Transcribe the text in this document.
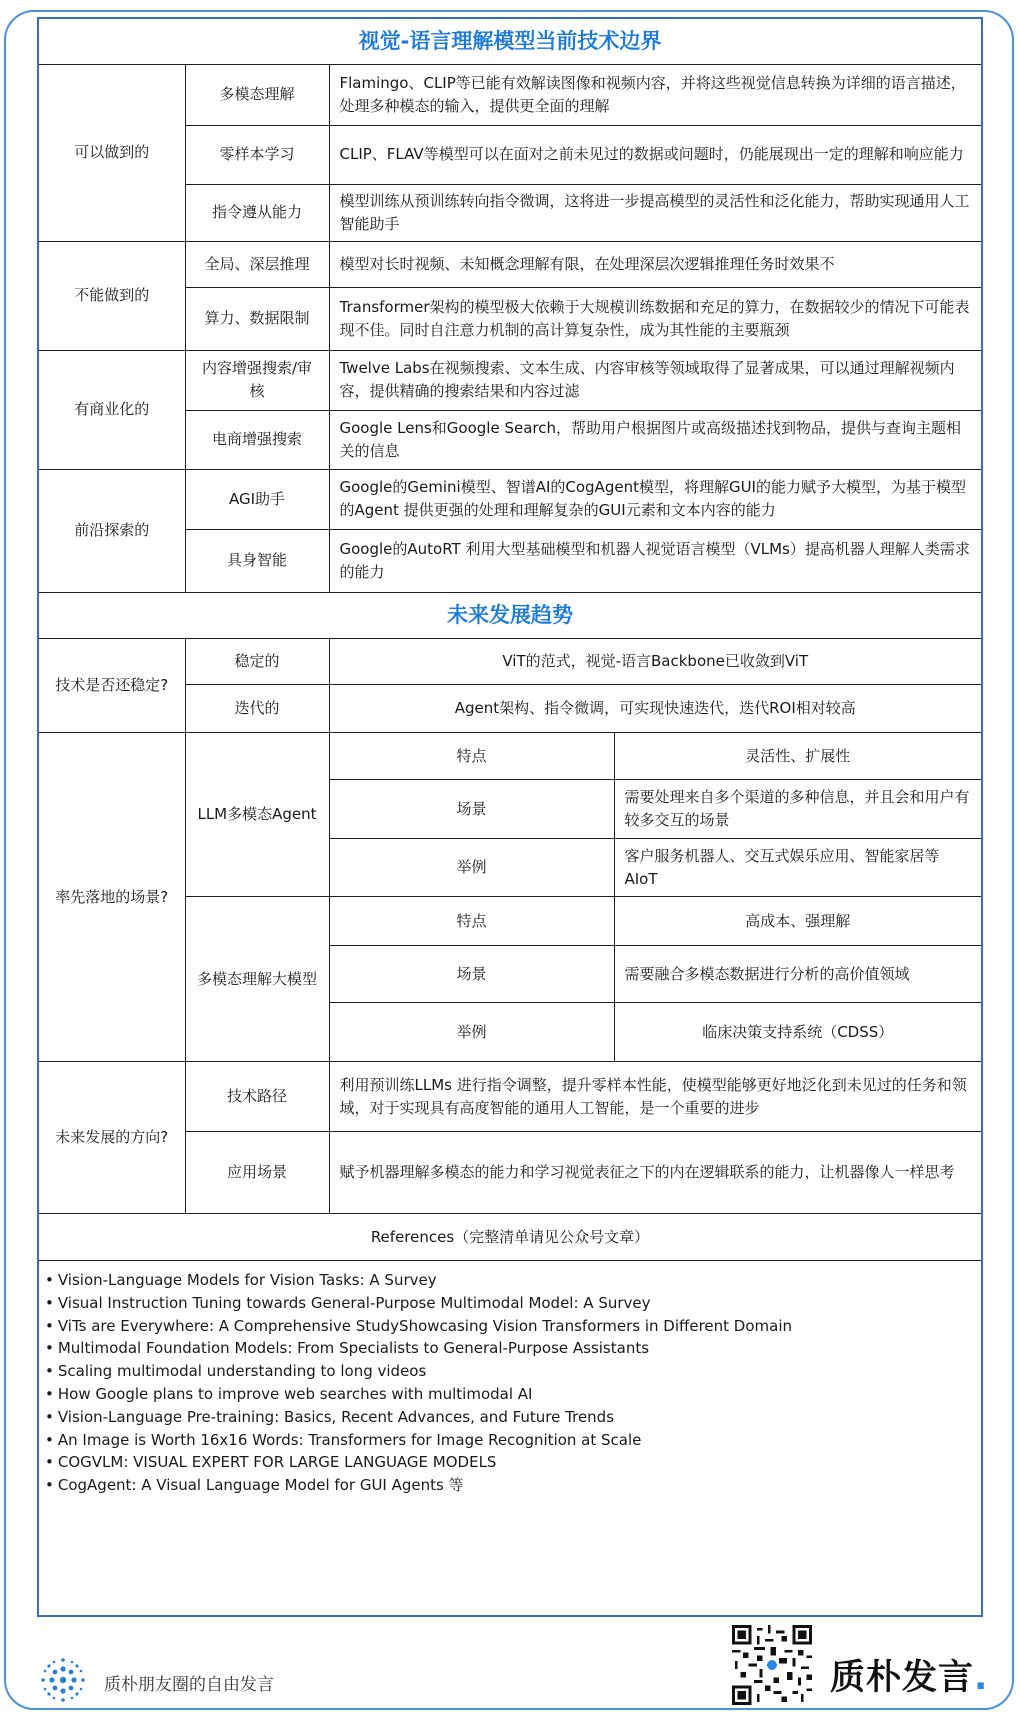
视觉-语言理解模型当前技术边界		
可以做到的	多模态理解	Flamingo、CLIP等已能有效解读图像和视频内容，并将这些视觉信息转换为详细的语言描述，处理多种模态的输入，提供更全面的理解
	零样本学习	CLIP、FLAV等模型可以在面对之前未见过的数据或问题时，仍能展现出一定的理解和响应能力
	指令遵从能力	模型训练从预训练转向指令微调，这将进一步提高模型的灵活性和泛化能力，帮助实现通用人工智能助手
不能做到的	全局、深层推理	模型对长时视频、未知概念理解有限，在处理深层次逻辑推理任务时效果不
	算力、数据限制	Transformer架构的模型极大依赖于大规模训练数据和充足的算力，在数据较少的情况下可能表现不佳。同时自注意力机制的高计算复杂性，成为其性能的主要瓶颈
有商业化的	内容增强搜索/审核	Twelve Labs在视频搜索、文本生成、内容审核等领域取得了显著成果，可以通过理解视频内容，提供精确的搜索结果和内容过滤
	电商增强搜索	Google Lens和Google Search，帮助用户根据图片或高级描述找到物品，提供与查询主题相关的信息
前沿探索的	AGI助手	Google的Gemini模型、智谱AI的CogAgent模型，将理解GUI的能力赋予大模型，为基于模型的Agent 提供更强的处理和理解复杂的GUI元素和文本内容的能力
	具身智能	Google的AutoRT 利用大型基础模型和机器人视觉语言模型（VLMs）提高机器人理解人类需求的能力
未来发展趋势		
技术是否还稳定?	稳定的	ViT的范式，视觉-语言Backbone已收敛到ViT	
	迭代的	Agent架构、指令微调，可实现快速迭代，迭代ROI相对较高	
率先落地的场景?	LLM多模态Agent	特点	灵活性、扩展性
		场景	需要处理来自多个渠道的多种信息，并且会和用户有较多交互的场景
		举例	客户服务机器人、交互式娱乐应用、智能家居等AIoT
	多模态理解大模型	特点	高成本、强理解
		场景	需要融合多模态数据进行分析的高价值领域
		举例	临床决策支持系统（CDSS）
未来发展的方向?	技术路径	利用预训练LLMs 进行指令调整，提升零样本性能，使模型能够更好地泛化到未见过的任务和领域，对于实现具有高度智能的通用人工智能，是一个重要的进步	
	应用场景	赋予机器理解多模态的能力和学习视觉表征之下的内在逻辑联系的能力，让机器像人一样思考	
References（完整清单请见公众号文章）			
• Vision-Language Models for Vision Tasks: A Survey
• Visual Instruction Tuning towards General-Purpose Multimodal Model: A Survey
• ViTs are Everywhere: A Comprehensive StudyShowcasing Vision Transformers in Different Domain
• Multimodal Foundation Models: From Specialists to General-Purpose Assistants
• Scaling multimodal understanding to long videos
• How Google plans to improve web searches with multimodal AI
• Vision-Language Pre-training: Basics, Recent Advances, and Future Trends
• An Image is Worth 16x16 Words: Transformers for Image Recognition at Scale
• COGVLM: VISUAL EXPERT FOR LARGE LANGUAGE MODELS
• CogAgent: A Visual Language Model for GUI Agents 等
质朴朋友圈的自由发言	质朴发言.
